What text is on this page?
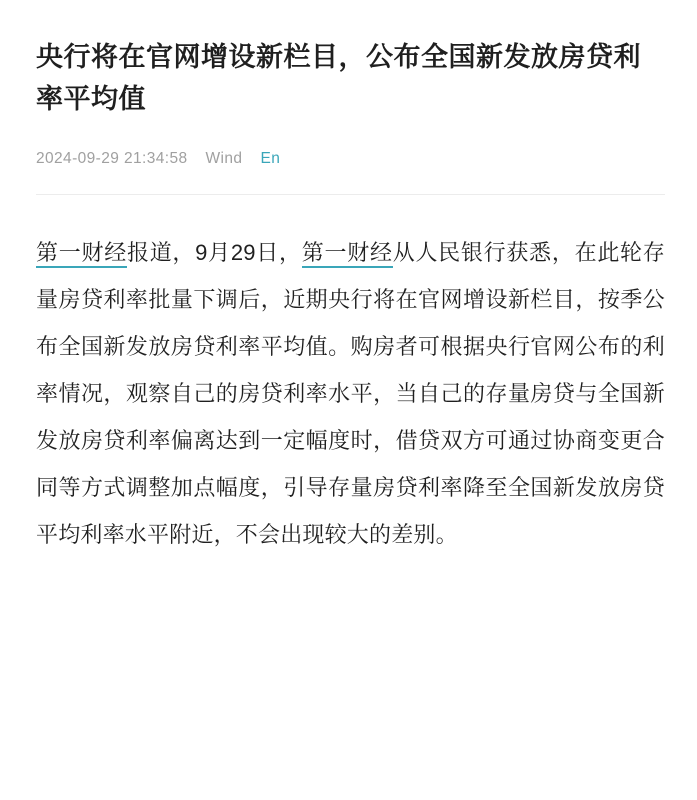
央行将在官网增设新栏目，公布全国新发放房贷利率平均值
2024-09-29 21:34:58 Wind En
第一财经报道，9月29日，第一财经从人民银行获悉，在此轮存量房贷利率批量下调后，近期央行将在官网增设新栏目，按季公布全国新发放房贷利率平均值。购房者可根据央行官网公布的利率情况，观察自己的房贷利率水平，当自己的存量房贷与全国新发放房贷利率偏离达到一定幅度时，借贷双方可通过协商变更合同等方式调整加点幅度，引导存量房贷利率降至全国新发放房贷平均利率水平附近，不会出现较大的差别。
